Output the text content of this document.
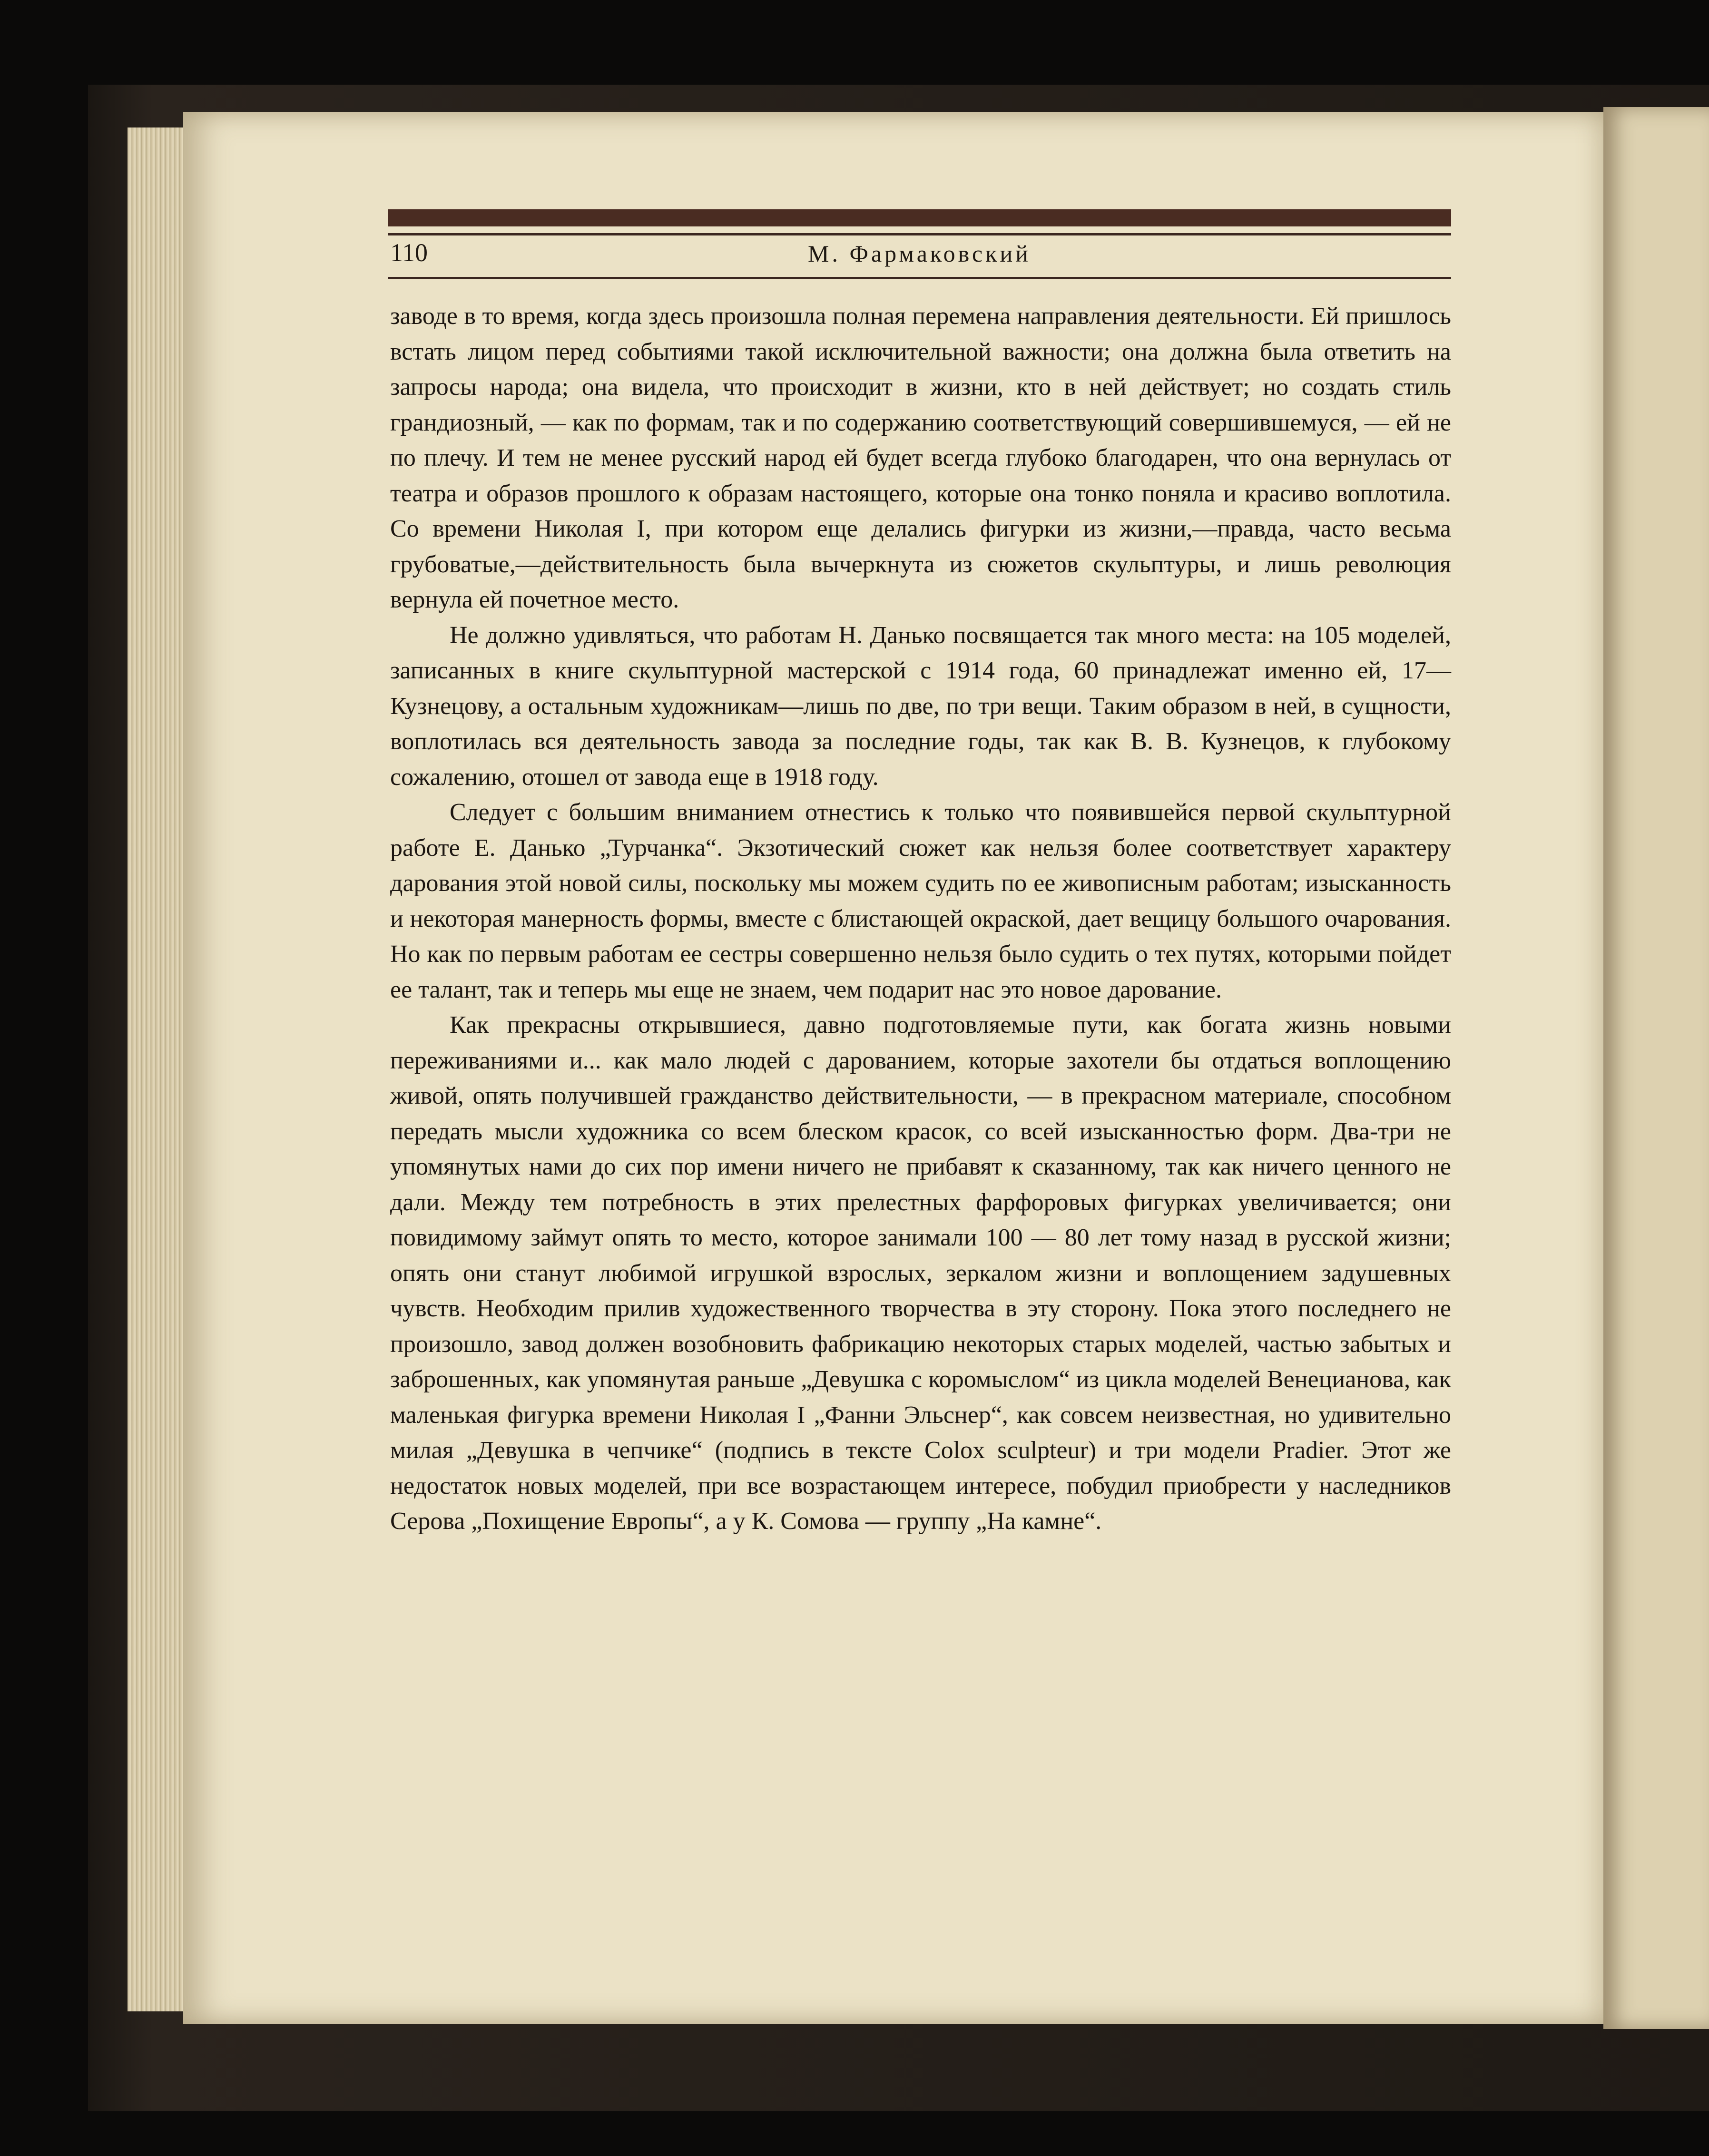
110	М. Фармаковский

заводе в то время, когда здесь произошла полная перемена направления деятельности. Ей пришлось встать лицом перед событиями такой исключительной важности; она должна была ответить на запросы народа; она видела, что происходит в жизни, кто в ней действует; но создать стиль грандиозный, — как по формам, так и по содержанию соответствующий совершившемуся, — ей не по плечу. И тем не менее русский народ ей будет всегда глубоко благодарен, что она вернулась от театра и образов прошлого к образам настоящего, которые она тонко поняла и красиво воплотила. Со времени Николая I, при котором еще делались фигурки из жизни,—правда, часто весьма грубоватые,—действительность была вычеркнута из сюжетов скульптуры, и лишь революция вернула ей почетное место.

Не должно удивляться, что работам Н. Данько посвящается так много места: на 105 моделей, записанных в книге скульптурной мастерской с 1914 года, 60 принадлежат именно ей, 17—Кузнецову, а остальным художникам—лишь по две, по три вещи. Таким образом в ней, в сущности, воплотилась вся деятельность завода за последние годы, так как В. В. Кузнецов, к глубокому сожалению, отошел от завода еще в 1918 году.

Следует с большим вниманием отнестись к только что появившейся первой скульптурной работе Е. Данько „Турчанка“. Экзотический сюжет как нельзя более соответствует характеру дарования этой новой силы, поскольку мы можем судить по ее живописным работам; изысканность и некоторая манерность формы, вместе с блистающей окраской, дает вещицу большого очарования. Но как по первым работам ее сестры совершенно нельзя было судить о тех путях, которыми пойдет ее талант, так и теперь мы еще не знаем, чем подарит нас это новое дарование.

Как прекрасны открывшиеся, давно подготовляемые пути, как богата жизнь новыми переживаниями и... как мало людей с дарованием, которые захотели бы отдаться воплощению живой, опять получившей гражданство действительности, — в прекрасном материале, способном передать мысли художника со всем блеском красок, со всей изысканностью форм. Два-три не упомянутых нами до сих пор имени ничего не прибавят к сказанному, так как ничего ценного не дали. Между тем потребность в этих прелестных фарфоровых фигурках увеличивается; они повидимому займут опять то место, которое занимали 100 — 80 лет тому назад в русской жизни; опять они станут любимой игрушкой взрослых, зеркалом жизни и воплощением задушевных чувств. Необходим прилив художественного творчества в эту сторону. Пока этого последнего не произошло, завод должен возобновить фабрикацию некоторых старых моделей, частью забытых и заброшенных, как упомянутая раньше „Девушка с коромыслом“ из цикла моделей Венецианова, как маленькая фигурка времени Николая I „Фанни Эльснер“, как совсем неизвестная, но удивительно милая „Девушка в чепчике“ (подпись в тексте Colox sculpteur) и три модели Pradier. Этот же недостаток новых моделей, при все возрастающем интересе, побудил приобрести у наследников Серова „Похищение Европы“, а у К. Сомова — группу „На камне“.
